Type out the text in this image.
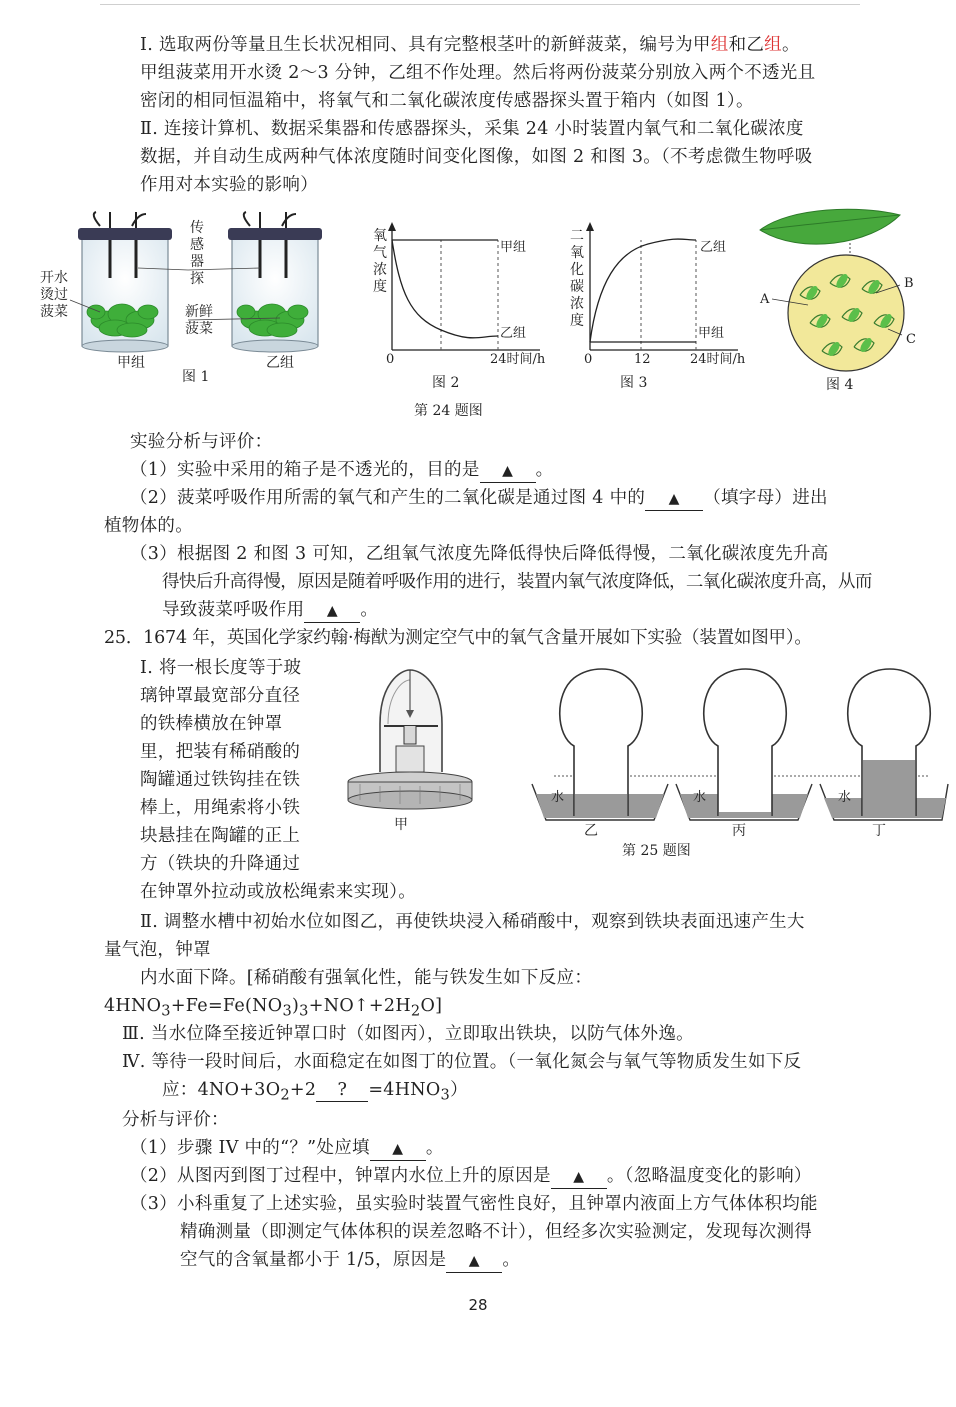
Ⅰ. 选取两份等量且生长状况相同、具有完整根茎叶的新鲜菠菜，编号为甲组和乙组。
甲组菠菜用开水烫 2～3 分钟，乙组不作处理。然后将两份菠菜分别放入两个不透光且
密闭的相同恒温箱中，将氧气和二氧化碳浓度传感器探头置于箱内（如图 1）。
Ⅱ. 连接计算机、数据采集器和传感器探头，采集 24 小时装置内氧气和二氧化碳浓度
数据，并自动生成两种气体浓度随时间变化图像，如图 2 和图 3。（不考虑微生物呼吸
作用对本实验的影响）
开水烫过菠菜
传感器探
新鲜菠菜
甲组	乙组
图 1
氧气浓度
甲组
乙组
0	24时间/h
图 2
二氧化碳浓度
乙组
甲组
0	12	24时间/h
图 3
A
B
C
图 4
第 24 题图
实验分析与评价：
（1）实验中采用的箱子是不透光的，目的是 ▲ 。
（2）菠菜呼吸作用所需的氧气和产生的二氧化碳是通过图 4 中的 ▲ （填字母）进出
植物体的。
（3）根据图 2 和图 3 可知，乙组氧气浓度先降低得快后降低得慢，二氧化碳浓度先升高
得快后升高得慢，原因是随着呼吸作用的进行，装置内氧气浓度降低，二氧化碳浓度升高，从而
导致菠菜呼吸作用 ▲ 。
25．1674 年，英国化学家约翰·梅猷为测定空气中的氧气含量开展如下实验（装置如图甲）。
Ⅰ. 将一根长度等于玻
璃钟罩最宽部分直径
的铁棒横放在钟罩
里，把装有稀硝酸的
陶罐通过铁钩挂在铁
棒上，用绳索将小铁
块悬挂在陶罐的正上
方（铁块的升降通过
在钟罩外拉动或放松绳索来实现）。
甲
水	水	水
乙	丙	丁
第 25 题图
Ⅱ. 调整水槽中初始水位如图乙，再使铁块浸入稀硝酸中，观察到铁块表面迅速产生大
量气泡，钟罩
内水面下降。[稀硝酸有强氧化性，能与铁发生如下反应：
$4HNO_3+Fe=Fe(NO_3)_3+NO↑+2H_2O$]
Ⅲ. 当水位降至接近钟罩口时（如图丙），立即取出铁块，以防气体外逸。
Ⅳ. 等待一段时间后，水面稳定在如图丁的位置。（一氧化氮会与氧气等物质发生如下反
应：$4NO+3O_2+2$ ? $=4HNO_3$）
分析与评价：
（1）步骤 IV 中的“？”处应填 ▲ 。
（2）从图丙到图丁过程中，钟罩内水位上升的原因是 ▲ 。（忽略温度变化的影响）
（3）小科重复了上述实验，虽实验时装置气密性良好，且钟罩内液面上方气体体积均能
精确测量（即测定气体体积的误差忽略不计），但经多次实验测定，发现每次测得
空气的含氧量都小于 1/5，原因是 ▲ 。
28
